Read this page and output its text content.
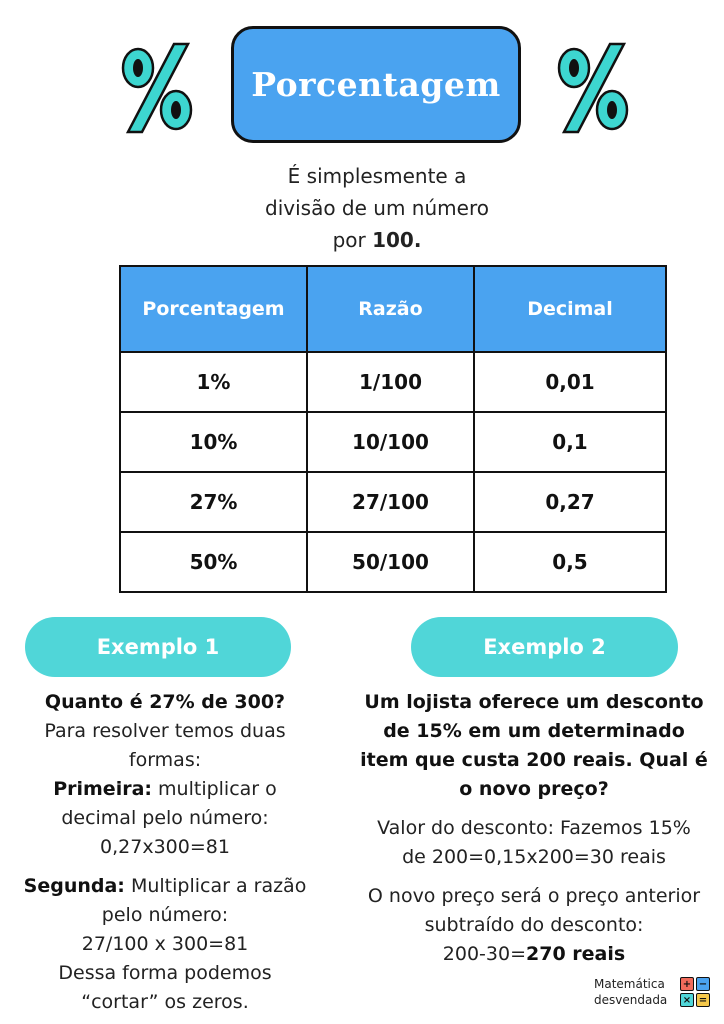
Porcentagem
É simplesmente a
divisão de um número
por 100.
Porcentagem	Razão	Decimal
1%	1/100	0,01
10%	10/100	0,1
27%	27/100	0,27
50%	50/100	0,5
Exemplo 1	Exemplo 2
Quanto é 27% de 300?
Para resolver temos duas formas:
Primeira: multiplicar o decimal pelo número:
0,27x300=81
Segunda: Multiplicar a razão pelo número:
27/100 x 300=81
Dessa forma podemos “cortar” os zeros.
Um lojista oferece um desconto de 15% em um determinado item que custa 200 reais. Qual é o novo preço?
Valor do desconto: Fazemos 15% de 200=0,15x200=30 reais
O novo preço será o preço anterior subtraído do desconto:
200-30=270 reais
Matemática
desvendada
+ −
× =
